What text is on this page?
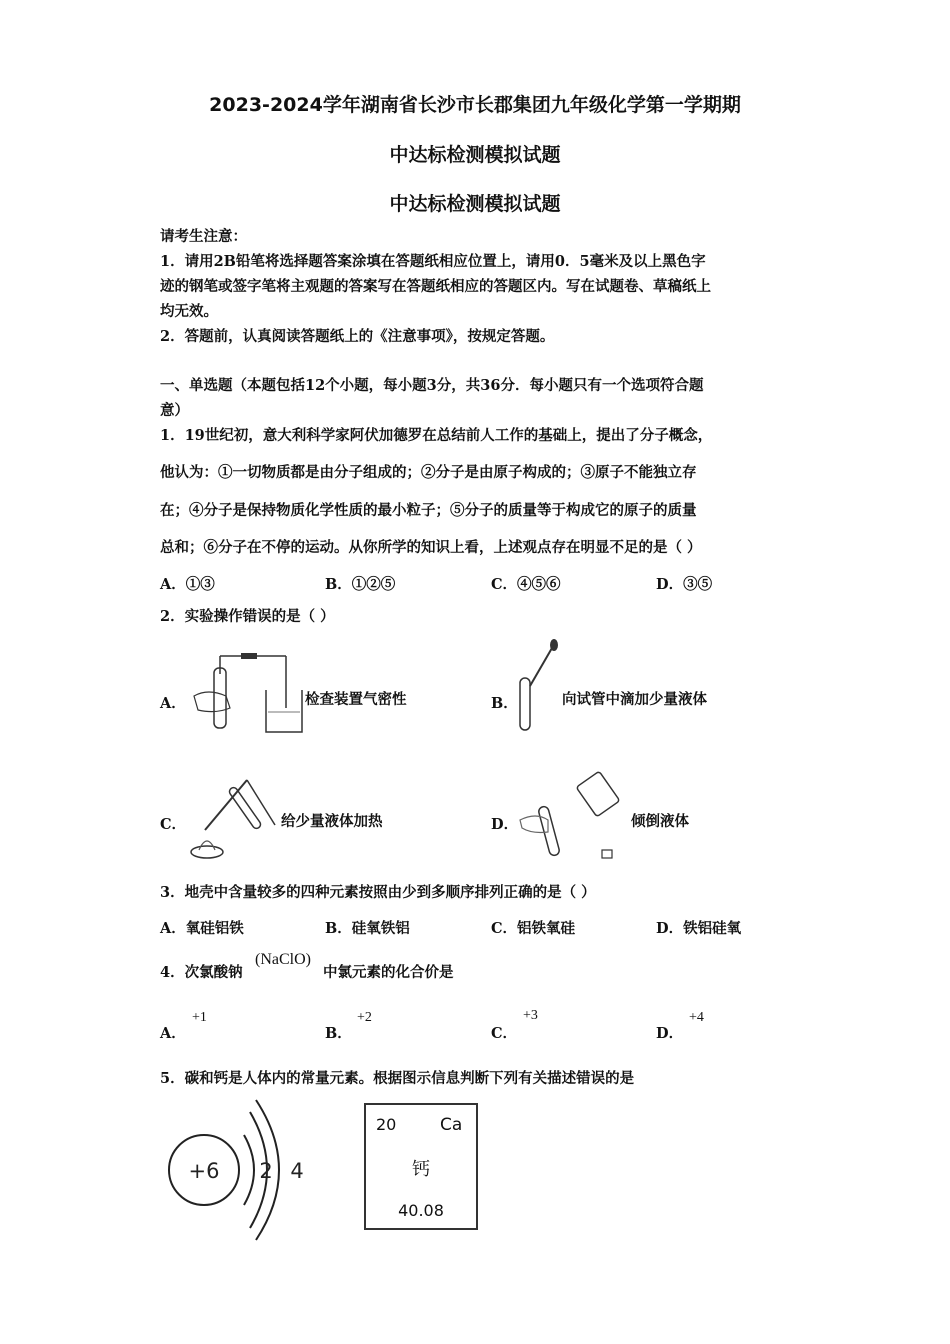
2023-2024学年湖南省长沙市长郡集团九年级化学第一学期期
中达标检测模拟试题
中达标检测模拟试题
请考生注意：
1．请用2B铅笔将选择题答案涂填在答题纸相应位置上，请用0．5毫米及以上黑色字
迹的钢笔或签字笔将主观题的答案写在答题纸相应的答题区内。写在试题卷、草稿纸上
均无效。
2．答题前，认真阅读答题纸上的《注意事项》，按规定答题。
一、单选题（本题包括12个小题，每小题3分，共36分．每小题只有一个选项符合题
意）
1．19世纪初，意大利科学家阿伏加德罗在总结前人工作的基础上，提出了分子概念，
他认为：①一切物质都是由分子组成的；②分子是由原子构成的；③原子不能独立存
在；④分子是保持物质化学性质的最小粒子；⑤分子的质量等于构成它的原子的质量
总和；⑥分子在不停的运动。从你所学的知识上看，上述观点存在明显不足的是（ ）
A．①③	B．①②⑤	C．④⑤⑥	D．③⑤
2．实验操作错误的是（ ）
A．	检查装置气密性	B．	向试管中滴加少量液体
C．	给少量液体加热	D．	倾倒液体
3．地壳中含量较多的四种元素按照由少到多顺序排列正确的是（ ）
A．氧硅铝铁	B．硅氧铁铝	C．铝铁氧硅	D．铁铝硅氧
4．次氯酸钠
(NaClO)
中氯元素的化合价是
A．
+1
B．
+2
C．
+3
D．
+4
5．碳和钙是人体内的常量元素。根据图示信息判断下列有关描述错误的是
+6 2 4
20	Ca
钙
40.08
